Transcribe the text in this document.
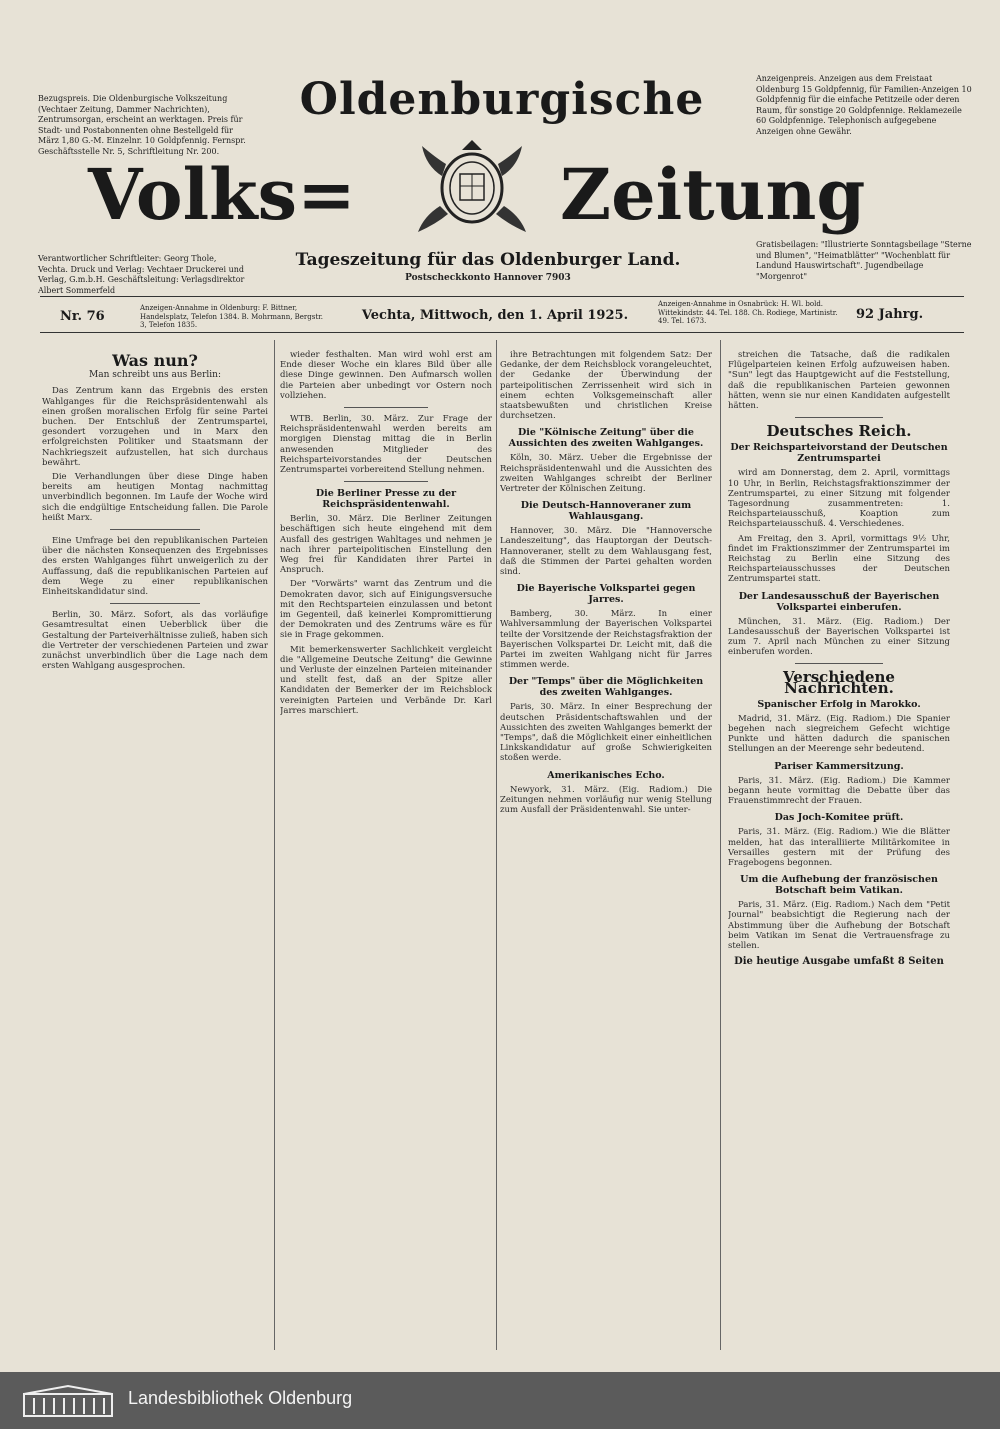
Bezugspreis. Die Oldenburgische Volkszeitung (Vechtaer Zeitung, Dammer Nachrichten), Zentrumsorgan, erscheint an werktagen. Preis für Stadt- und Postabonnenten ohne Bestellgeld für März 1,80 G.-M. Einzelnr. 10 Goldpfennig. Fernspr. Geschäftsstelle Nr. 5, Schriftleitung Nr. 200.
Verantwortlicher Schriftleiter: Georg Thole, Vechta. Druck und Verlag: Vechtaer Druckerei und Verlag, G.m.b.H. Geschäftsleitung: Verlagsdirektor Albert Sommerfeld
Anzeigenpreis. Anzeigen aus dem Freistaat Oldenburg 15 Goldpfennig, für Familien-Anzeigen 10 Goldpfennig für die einfache Petitzeile oder deren Raum, für sonstige 20 Goldpfennige. Reklamezeile 60 Goldpfennige. Telephonisch aufgegebene Anzeigen ohne Gewähr.
Gratisbeilagen: "Illustrierte Sonntagsbeilage "Sterne und Blumen", "Heimatblätter" "Wochenblatt für Landund Hauswirtschaft". Jugendbeilage "Morgenrot"
Oldenburgische
Volks=	Zeitung
Tageszeitung für das Oldenburger Land.
Postscheckkonto Hannover 7903
Nr. 76
Anzeigen-Annahme in Oldenburg: F. Bittner, Handelsplatz, Telefon 1384. B. Mohrmann, Bergstr. 3, Telefon 1835.
Vechta, Mittwoch, den 1. April 1925.
Anzeigen-Annahme in Osnabrück: H. Wl. bold. Wittekindstr. 44. Tel. 188. Ch. Rodiege, Martinistr. 49. Tel. 1673.	92 Jahrg.
Was nun?
Man schreibt uns aus Berlin:

Das Zentrum kann das Ergebnis des ersten Wahlganges für die Reichspräsidentenwahl als einen großen moralischen Erfolg für seine Partei buchen. Der Entschluß der Zentrumspartei, gesondert vorzugehen und in Marx den erfolgreichsten Politiker und Staatsmann der Nachkriegszeit aufzustellen, hat sich durchaus bewährt.

Die Verhandlungen über diese Dinge haben bereits am heutigen Montag nachmittag unverbindlich begonnen. Im Laufe der Woche wird sich die endgültige Entscheidung fallen. Die Parole heißt Marx.

Eine Umfrage bei den republikanischen Parteien über die nächsten Konsequenzen des Ergebnisses des ersten Wahlganges führt unweigerlich zu der Auffassung, daß die republikanischen Parteien auf dem Wege zu einer republikanischen Einheitskandidatur sind.

Berlin, 30. März. Sofort, als das vorläufige Gesamtresultat einen Ueberblick über die Gestaltung der Parteiverhältnisse zuließ, haben sich die Vertreter der verschiedenen Parteien und zwar zunächst unverbindlich über die Lage nach dem ersten Wahlgang ausgesprochen.

wieder festhalten. Man wird wohl erst am Ende dieser Woche ein klares Bild über alle diese Dinge gewinnen. Den Aufmarsch wollen die Parteien aber unbedingt vor Ostern noch vollziehen.

WTB. Berlin, 30. März. Zur Frage der Reichspräsidentenwahl werden bereits am morgigen Dienstag mittag die in Berlin anwesenden Mitglieder des Reichsparteivorstandes der Deutschen Zentrumspartei vorbereitend Stellung nehmen.

Die Berliner Presse zu der Reichspräsidentenwahl.

Berlin, 30. März. Die Berliner Zeitungen beschäftigen sich heute eingehend mit dem Ausfall des gestrigen Wahltages und nehmen je nach ihrer parteipolitischen Einstellung den Weg frei für Kandidaten ihrer Partei in Anspruch.

Der "Vorwärts" warnt das Zentrum und die Demokraten davor, sich auf Einigungsversuche mit den Rechtsparteien einzulassen und betont im Gegenteil, daß keinerlei Kompromittierung der Demokraten und des Zentrums wäre es für sie in Frage gekommen.

Mit bemerkenswerter Sachlichkeit vergleicht die "Allgemeine Deutsche Zeitung" die Gewinne und Verluste der einzelnen Parteien miteinander und stellt fest, daß an der Spitze aller Kandidaten der Bemerker der im Reichsblock vereinigten Parteien und Verbände Dr. Karl Jarres marschiert.

ihre Betrachtungen mit folgendem Satz: Der Gedanke, der dem Reichsblock vorangeleuchtet, der Gedanke der Überwindung der parteipolitischen Zerrissenheit wird sich in einem echten Volksgemeinschaft aller staatsbewußten und christlichen Kreise durchsetzen.

Die "Kölnische Zeitung" über die Aussichten des zweiten Wahlganges.

Köln, 30. März. Ueber die Ergebnisse der Reichspräsidentenwahl und die Aussichten des zweiten Wahlganges schreibt der Berliner Vertreter der Kölnischen Zeitung.

Die Deutsch-Hannoveraner zum Wahlausgang.

Hannover, 30. März. Die "Hannoversche Landeszeitung", das Hauptorgan der Deutsch-Hannoveraner, stellt zu dem Wahlausgang fest, daß die Stimmen der Partei gehalten worden sind.

Die Bayerische Volkspartei gegen Jarres.

Bamberg, 30. März. In einer Wahlversammlung der Bayerischen Volkspartei teilte der Vorsitzende der Reichstagsfraktion der Bayerischen Volkspartei Dr. Leicht mit, daß die Partei im zweiten Wahlgang nicht für Jarres stimmen werde.

Der "Temps" über die Möglichkeiten des zweiten Wahlganges.

Paris, 30. März. In einer Besprechung der deutschen Präsidentschaftswahlen und der Aussichten des zweiten Wahlganges bemerkt der "Temps", daß die Möglichkeit einer einheitlichen Linkskandidatur auf große Schwierigkeiten stoßen werde.

Amerikanisches Echo.

Newyork, 31. März. (Eig. Radiom.) Die Zeitungen nehmen vorläufig nur wenig Stellung zum Ausfall der Präsidentenwahl. Sie unter-

streichen die Tatsache, daß die radikalen Flügelparteien keinen Erfolg aufzuweisen haben. "Sun" legt das Hauptgewicht auf die Feststellung, daß die republikanischen Parteien gewonnen hätten, wenn sie nur einen Kandidaten aufgestellt hätten.

Deutsches Reich.
Der Reichsparteivorstand der Deutschen Zentrumspartei

wird am Donnerstag, dem 2. April, vormittags 10 Uhr, in Berlin, Reichstagsfraktionszimmer der Zentrumspartei, zu einer Sitzung mit folgender Tagesordnung zusammentreten: 1. Reichsparteiausschuß, Koaption zum Reichsparteiausschuß. 4. Verschiedenes.

Am Freitag, den 3. April, vormittags 9½ Uhr, findet im Fraktionszimmer der Zentrumspartei im Reichstag zu Berlin eine Sitzung des Reichsparteiausschusses der Deutschen Zentrumspartei statt.

Der Landesausschuß der Bayerischen Volkspartei einberufen.

München, 31. März. (Eig. Radiom.) Der Landesausschuß der Bayerischen Volkspartei ist zum 7. April nach München zu einer Sitzung einberufen worden.

Verschiedene Nachrichten.
Spanischer Erfolg in Marokko.

Madrid, 31. März. (Eig. Radiom.) Die Spanier begehen nach siegreichem Gefecht wichtige Punkte und hätten dadurch die spanischen Stellungen an der Meerenge sehr bedeutend.

Pariser Kammersitzung.

Paris, 31. März. (Eig. Radiom.) Die Kammer begann heute vormittag die Debatte über das Frauenstimmrecht der Frauen.

Das Joch-Komitee prüft.

Paris, 31. März. (Eig. Radiom.) Wie die Blätter melden, hat das interalliierte Militärkomitee in Versailles gestern mit der Prüfung des Fragebogens begonnen.

Um die Aufhebung der französischen Botschaft beim Vatikan.

Paris, 31. März. (Eig. Radiom.) Nach dem "Petit Journal" beabsichtigt die Regierung nach der Abstimmung über die Aufhebung der Botschaft beim Vatikan im Senat die Vertrauensfrage zu stellen.

Die heutige Ausgabe umfaßt 8 Seiten
Landesbibliothek Oldenburg
